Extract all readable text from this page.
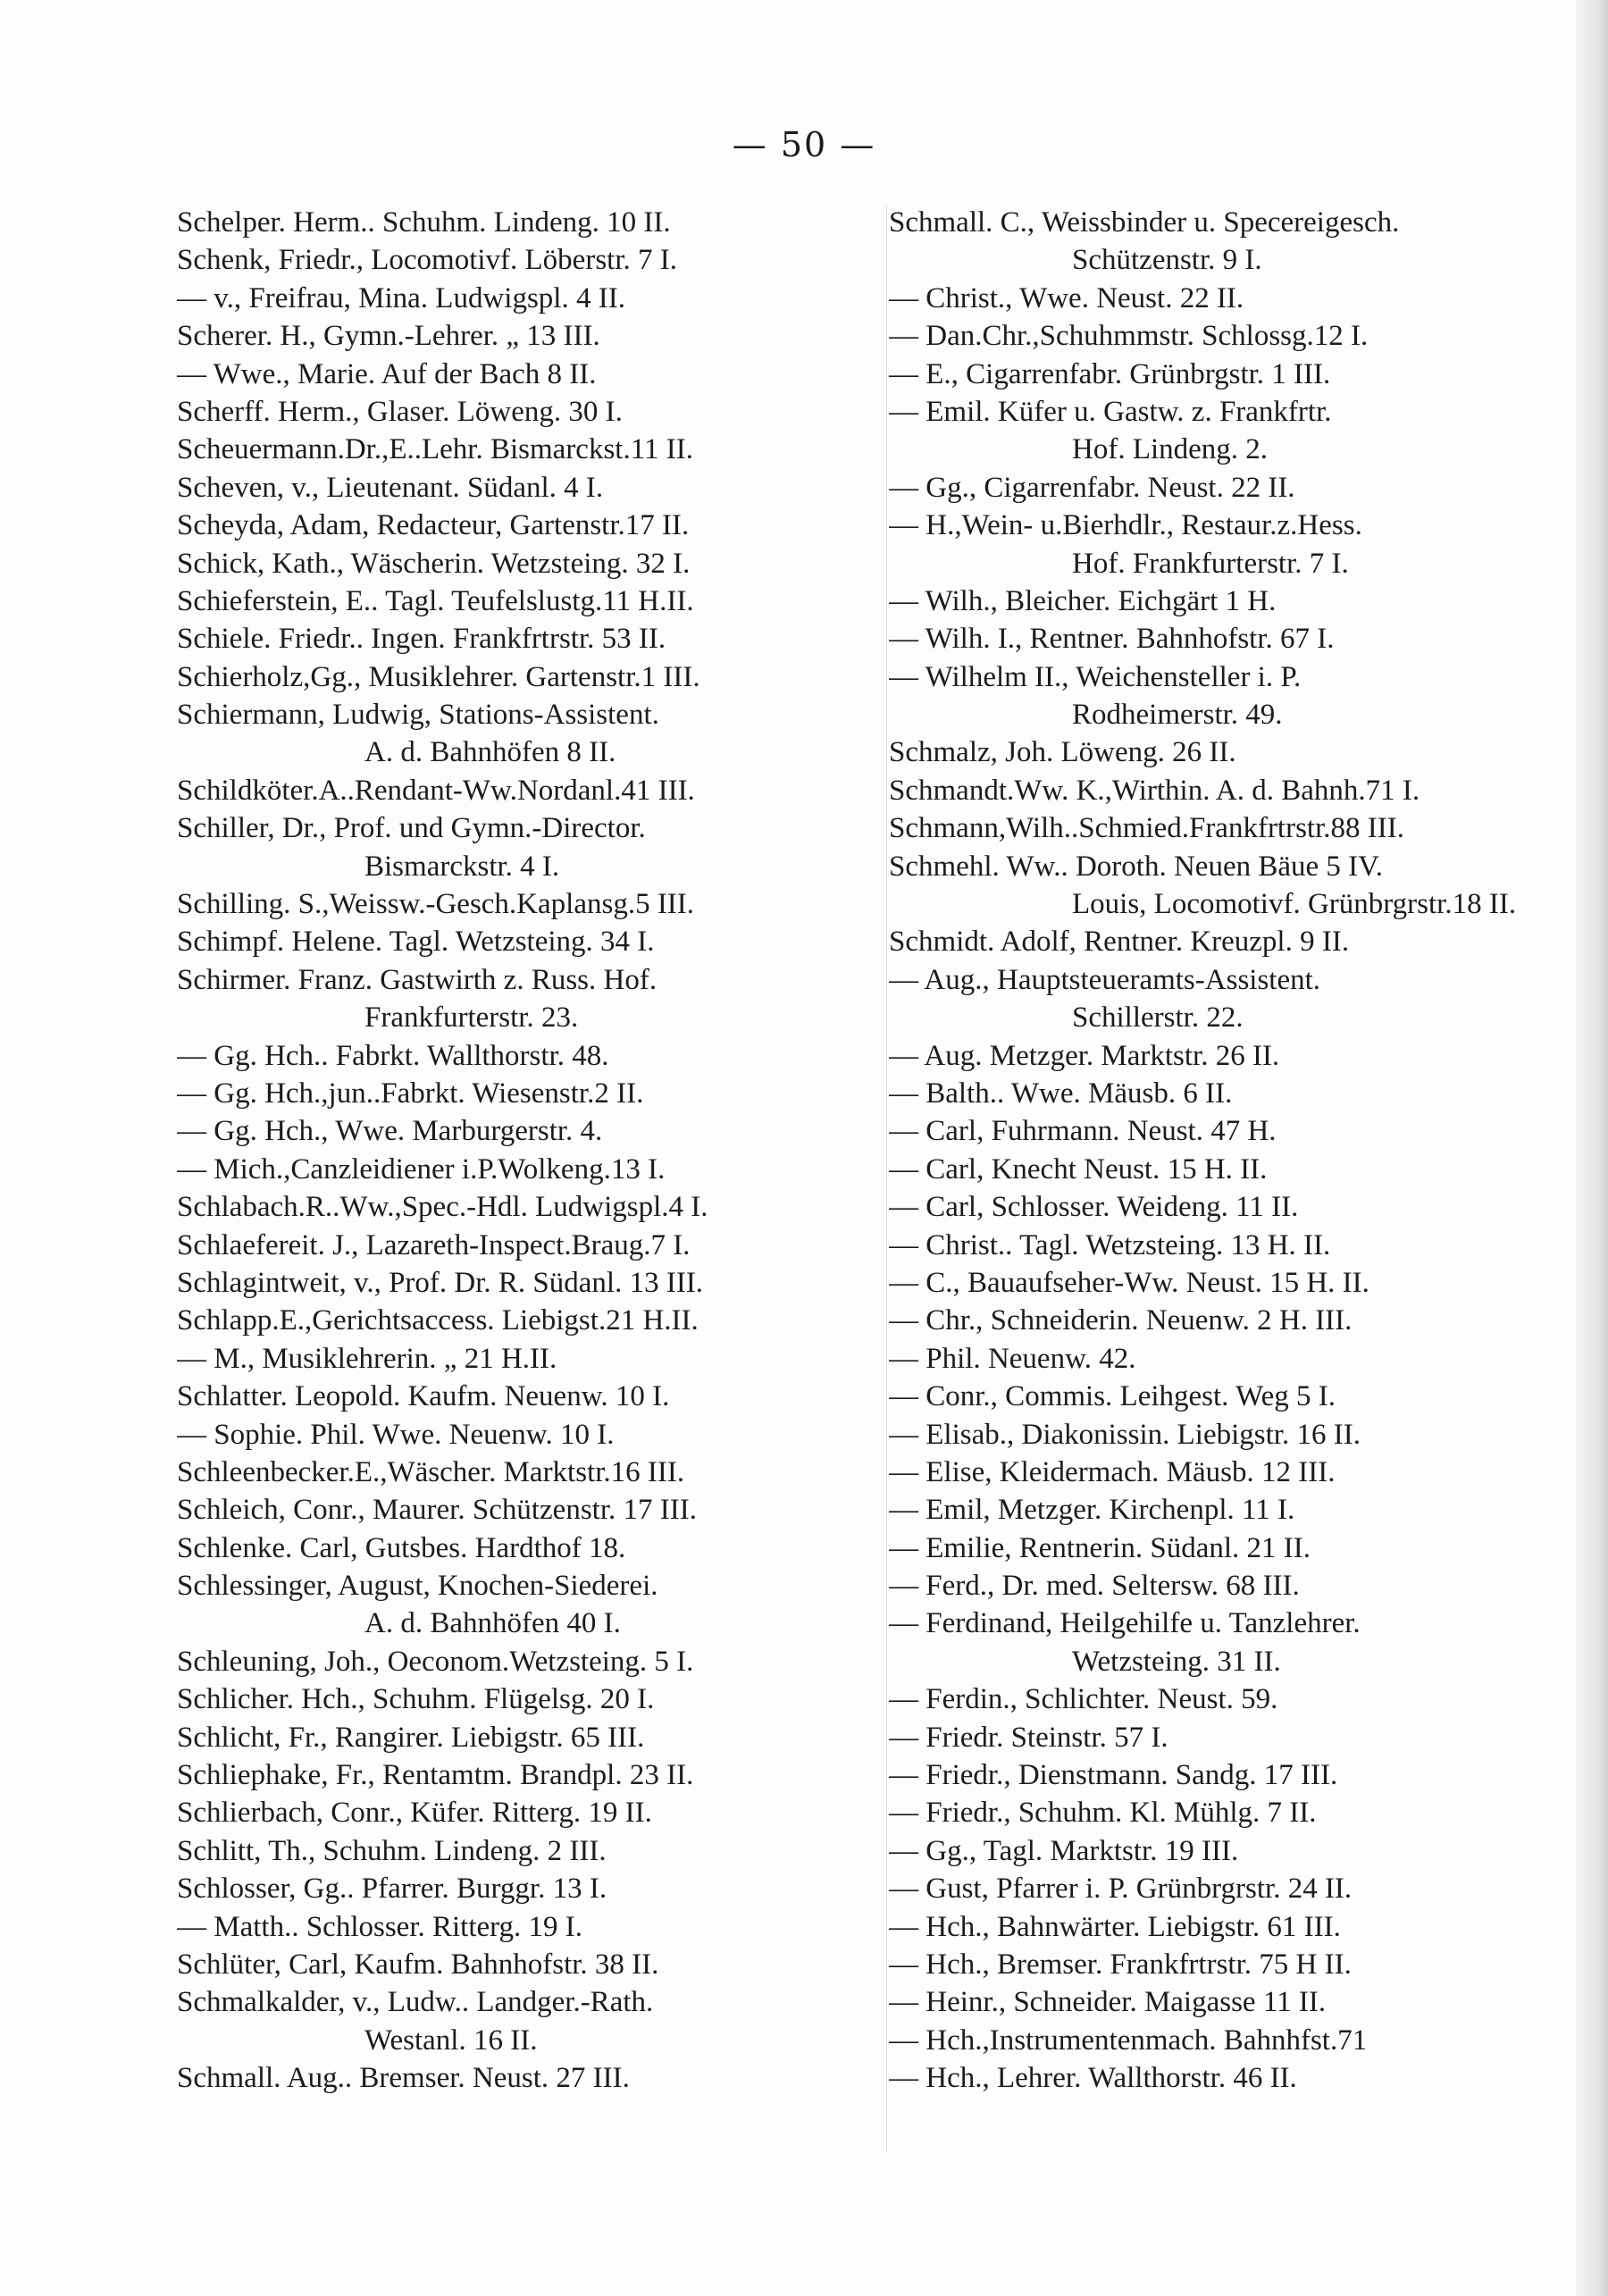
— 50 —
Schelper. Herm.. Schuhm. Lindeng. 10 II.
Schenk, Friedr., Locomotivf. Löberstr. 7 I.
— v., Freifrau, Mina. Ludwigspl. 4 II.
Scherer. H., Gymn.-Lehrer. „ 13 III.
— Wwe., Marie. Auf der Bach 8 II.
Scherff. Herm., Glaser. Löweng. 30 I.
Scheuermann.Dr.,E..Lehr. Bismarckst.11 II.
Scheven, v., Lieutenant. Südanl. 4 I.
Scheyda, Adam, Redacteur, Gartenstr.17 II.
Schick, Kath., Wäscherin. Wetzsteing. 32 I.
Schieferstein, E.. Tagl. Teufelslustg.11 H.II.
Schiele. Friedr.. Ingen. Frankfrtrstr. 53 II.
Schierholz,Gg., Musiklehrer. Gartenstr.1 III.
Schiermann, Ludwig, Stations-Assistent.
A. d. Bahnhöfen 8 II.
Schildköter.A..Rendant-Ww.Nordanl.41 III.
Schiller, Dr., Prof. und Gymn.-Director.
Bismarckstr. 4 I.
Schilling. S.,Weissw.-Gesch.Kaplansg.5 III.
Schimpf. Helene. Tagl. Wetzsteing. 34 I.
Schirmer. Franz. Gastwirth z. Russ. Hof.
Frankfurterstr. 23.
— Gg. Hch.. Fabrkt. Wallthorstr. 48.
— Gg. Hch.,jun..Fabrkt. Wiesenstr.2 II.
— Gg. Hch., Wwe. Marburgerstr. 4.
— Mich.,Canzleidiener i.P.Wolkeng.13 I.
Schlabach.R..Ww.,Spec.-Hdl. Ludwigspl.4 I.
Schlaefereit. J., Lazareth-Inspect.Braug.7 I.
Schlagintweit, v., Prof. Dr. R. Südanl. 13 III.
Schlapp.E.,Gerichtsaccess. Liebigst.21 H.II.
— M., Musiklehrerin. „ 21 H.II.
Schlatter. Leopold. Kaufm. Neuenw. 10 I.
— Sophie. Phil. Wwe. Neuenw. 10 I.
Schleenbecker.E.,Wäscher. Marktstr.16 III.
Schleich, Conr., Maurer. Schützenstr. 17 III.
Schlenke. Carl, Gutsbes. Hardthof 18.
Schlessinger, August, Knochen-Siederei.
A. d. Bahnhöfen 40 I.
Schleuning, Joh., Oeconom.Wetzsteing. 5 I.
Schlicher. Hch., Schuhm. Flügelsg. 20 I.
Schlicht, Fr., Rangirer. Liebigstr. 65 III.
Schliephake, Fr., Rentamtm. Brandpl. 23 II.
Schlierbach, Conr., Küfer. Ritterg. 19 II.
Schlitt, Th., Schuhm. Lindeng. 2 III.
Schlosser, Gg.. Pfarrer. Burggr. 13 I.
— Matth.. Schlosser. Ritterg. 19 I.
Schlüter, Carl, Kaufm. Bahnhofstr. 38 II.
Schmalkalder, v., Ludw.. Landger.-Rath.
Westanl. 16 II.
Schmall. Aug.. Bremser. Neust. 27 III.
Schmall. C., Weissbinder u. Specereigesch.
Schützenstr. 9 I.
— Christ., Wwe. Neust. 22 II.
— Dan.Chr.,Schuhmmstr. Schlossg.12 I.
— E., Cigarrenfabr. Grünbrgstr. 1 III.
— Emil. Küfer u. Gastw. z. Frankfrtr.
Hof. Lindeng. 2.
— Gg., Cigarrenfabr. Neust. 22 II.
— H.,Wein- u.Bierhdlr., Restaur.z.Hess.
Hof. Frankfurterstr. 7 I.
— Wilh., Bleicher. Eichgärt 1 H.
— Wilh. I., Rentner. Bahnhofstr. 67 I.
— Wilhelm II., Weichensteller i. P.
Rodheimerstr. 49.
Schmalz, Joh. Löweng. 26 II.
Schmandt.Ww. K.,Wirthin. A. d. Bahnh.71 I.
Schmann,Wilh..Schmied.Frankfrtrstr.88 III.
Schmehl. Ww.. Doroth. Neuen Bäue 5 IV.
Louis, Locomotivf. Grünbrgrstr.18 II.
Schmidt. Adolf, Rentner. Kreuzpl. 9 II.
— Aug., Hauptsteueramts-Assistent.
Schillerstr. 22.
— Aug. Metzger. Marktstr. 26 II.
— Balth.. Wwe. Mäusb. 6 II.
— Carl, Fuhrmann. Neust. 47 H.
— Carl, Knecht Neust. 15 H. II.
— Carl, Schlosser. Weideng. 11 II.
— Christ.. Tagl. Wetzsteing. 13 H. II.
— C., Bauaufseher-Ww. Neust. 15 H. II.
— Chr., Schneiderin. Neuenw. 2 H. III.
— Phil. Neuenw. 42.
— Conr., Commis. Leihgest. Weg 5 I.
— Elisab., Diakonissin. Liebigstr. 16 II.
— Elise, Kleidermach. Mäusb. 12 III.
— Emil, Metzger. Kirchenpl. 11 I.
— Emilie, Rentnerin. Südanl. 21 II.
— Ferd., Dr. med. Seltersw. 68 III.
— Ferdinand, Heilgehilfe u. Tanzlehrer.
Wetzsteing. 31 II.
— Ferdin., Schlichter. Neust. 59.
— Friedr. Steinstr. 57 I.
— Friedr., Dienstmann. Sandg. 17 III.
— Friedr., Schuhm. Kl. Mühlg. 7 II.
— Gg., Tagl. Marktstr. 19 III.
— Gust, Pfarrer i. P. Grünbrgrstr. 24 II.
— Hch., Bahnwärter. Liebigstr. 61 III.
— Hch., Bremser. Frankfrtrstr. 75 H II.
— Heinr., Schneider. Maigasse 11 II.
— Hch.,Instrumentenmach. Bahnhfst.71
— Hch., Lehrer. Wallthorstr. 46 II.
